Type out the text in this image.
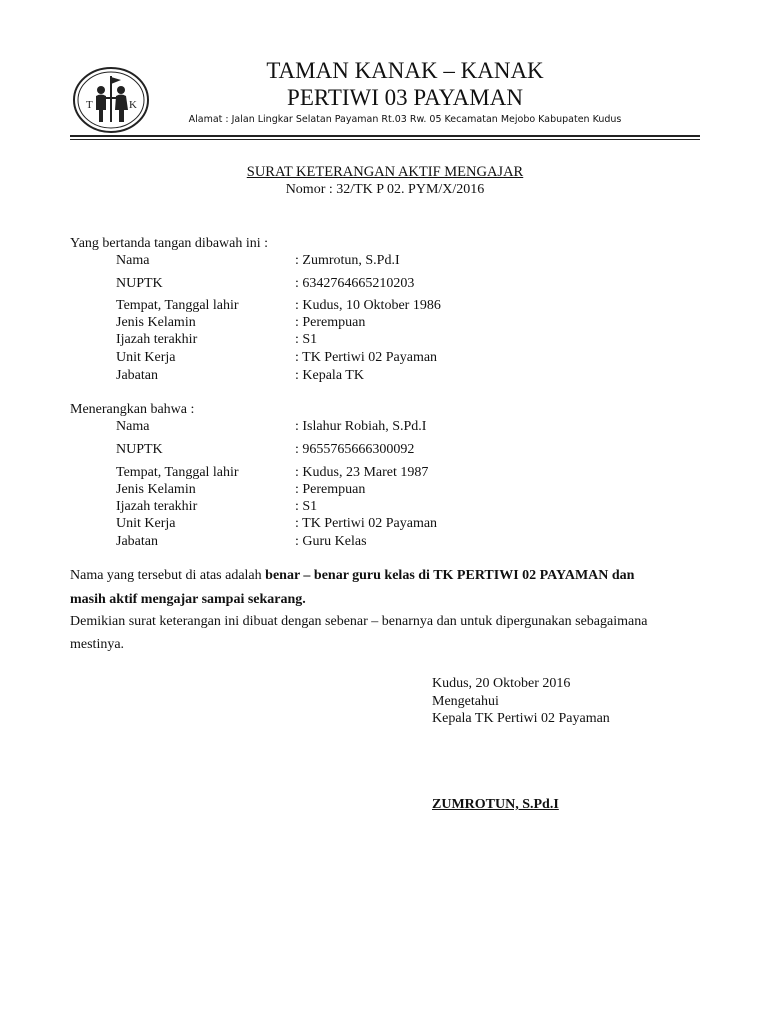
T	K
TAMAN KANAK – KANAK
PERTIWI 03 PAYAMAN
Alamat : Jalan Lingkar Selatan Payaman Rt.03 Rw. 05 Kecamatan Mejobo Kabupaten Kudus
SURAT KETERANGAN AKTIF MENGAJAR
Nomor : 32/TK P 02. PYM/X/2016
Yang bertanda tangan dibawah ini :
Nama	: Zumrotun, S.Pd.I
NUPTK	: 6342764665210203
Tempat, Tanggal lahir	: Kudus, 10 Oktober 1986
Jenis Kelamin	: Perempuan
Ijazah terakhir	: S1
Unit Kerja	: TK Pertiwi 02 Payaman
Jabatan	: Kepala TK
Menerangkan bahwa :
Nama	: Islahur Robiah, S.Pd.I
NUPTK	: 9655765666300092
Tempat, Tanggal lahir	: Kudus, 23 Maret 1987
Jenis Kelamin	: Perempuan
Ijazah terakhir	: S1
Unit Kerja	: TK Pertiwi 02 Payaman
Jabatan	: Guru Kelas
Nama yang tersebut di atas adalah benar – benar guru kelas di TK PERTIWI 02 PAYAMAN dan
masih aktif mengajar sampai sekarang.
Demikian surat keterangan ini dibuat dengan sebenar – benarnya dan untuk dipergunakan sebagaimana
mestinya.
Kudus, 20 Oktober 2016
Mengetahui
Kepala TK Pertiwi 02 Payaman
ZUMROTUN, S.Pd.I
